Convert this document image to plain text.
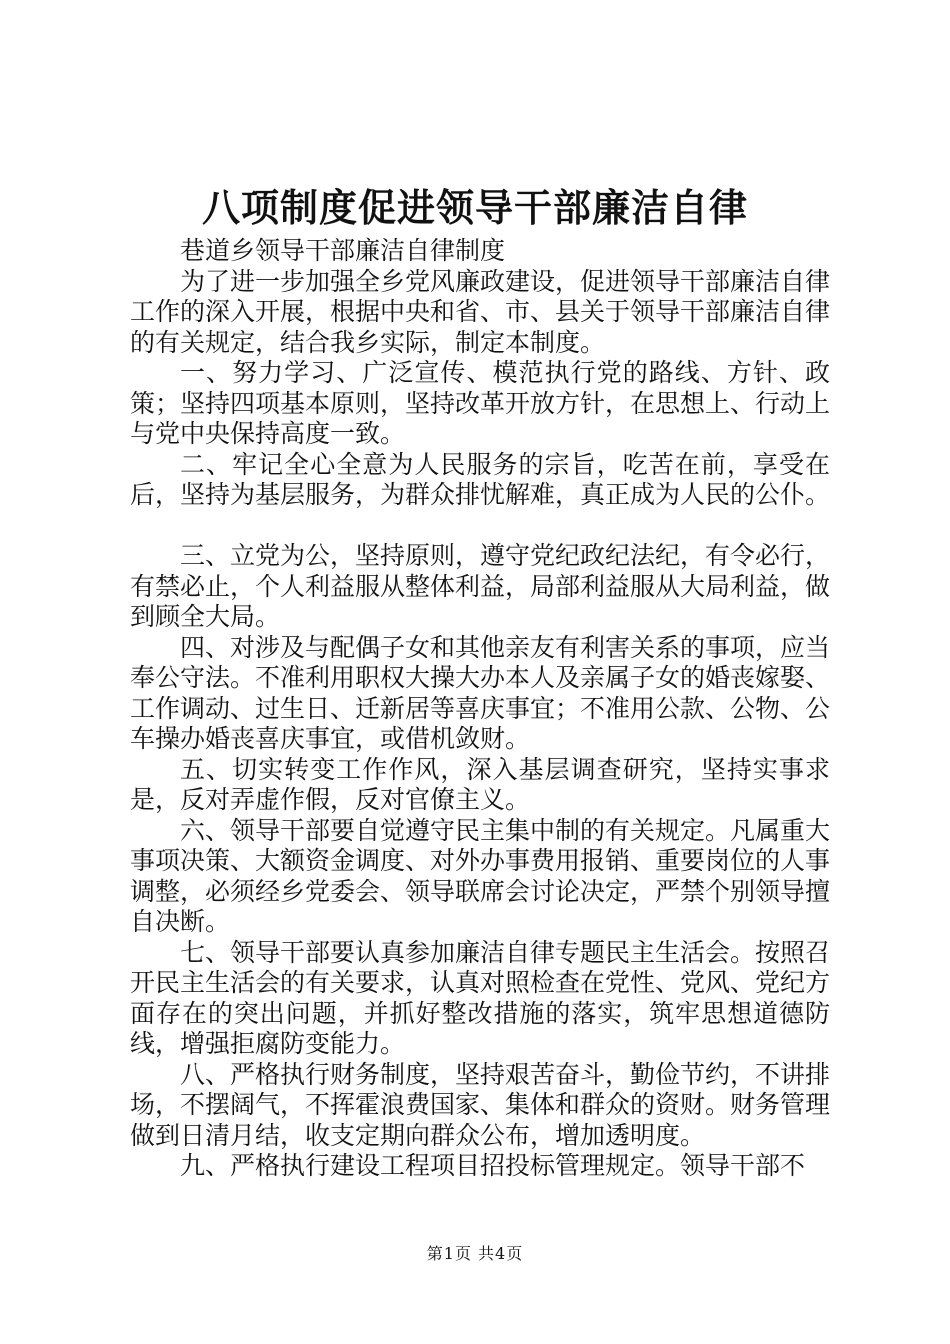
八项制度促进领导干部廉洁自律

巷道乡领导干部廉洁自律制度

为了进一步加强全乡党风廉政建设，促进领导干部廉洁自律工作的深入开展，根据中央和省、市、县关于领导干部廉洁自律的有关规定，结合我乡实际，制定本制度。

一、努力学习、广泛宣传、模范执行党的路线、方针、政策；坚持四项基本原则，坚持改革开放方针，在思想上、行动上与党中央保持高度一致。

二、牢记全心全意为人民服务的宗旨，吃苦在前，享受在后，坚持为基层服务，为群众排忧解难，真正成为人民的公仆。

三、立党为公，坚持原则，遵守党纪政纪法纪，有令必行，有禁必止，个人利益服从整体利益，局部利益服从大局利益，做到顾全大局。

四、对涉及与配偶子女和其他亲友有利害关系的事项，应当奉公守法。不准利用职权大操大办本人及亲属子女的婚丧嫁娶、工作调动、过生日、迁新居等喜庆事宜；不准用公款、公物、公车操办婚丧喜庆事宜，或借机敛财。

五、切实转变工作作风，深入基层调查研究，坚持实事求是，反对弄虚作假，反对官僚主义。

六、领导干部要自觉遵守民主集中制的有关规定。凡属重大事项决策、大额资金调度、对外办事费用报销、重要岗位的人事调整，必须经乡党委会、领导联席会讨论决定，严禁个别领导擅自决断。

七、领导干部要认真参加廉洁自律专题民主生活会。按照召开民主生活会的有关要求，认真对照检查在党性、党风、党纪方面存在的突出问题，并抓好整改措施的落实，筑牢思想道德防线，增强拒腐防变能力。

八、严格执行财务制度，坚持艰苦奋斗，勤俭节约，不讲排场，不摆阔气，不挥霍浪费国家、集体和群众的资财。财务管理做到日清月结，收支定期向群众公布，增加透明度。

九、严格执行建设工程项目招投标管理规定。领导干部不

第1页 共4页
